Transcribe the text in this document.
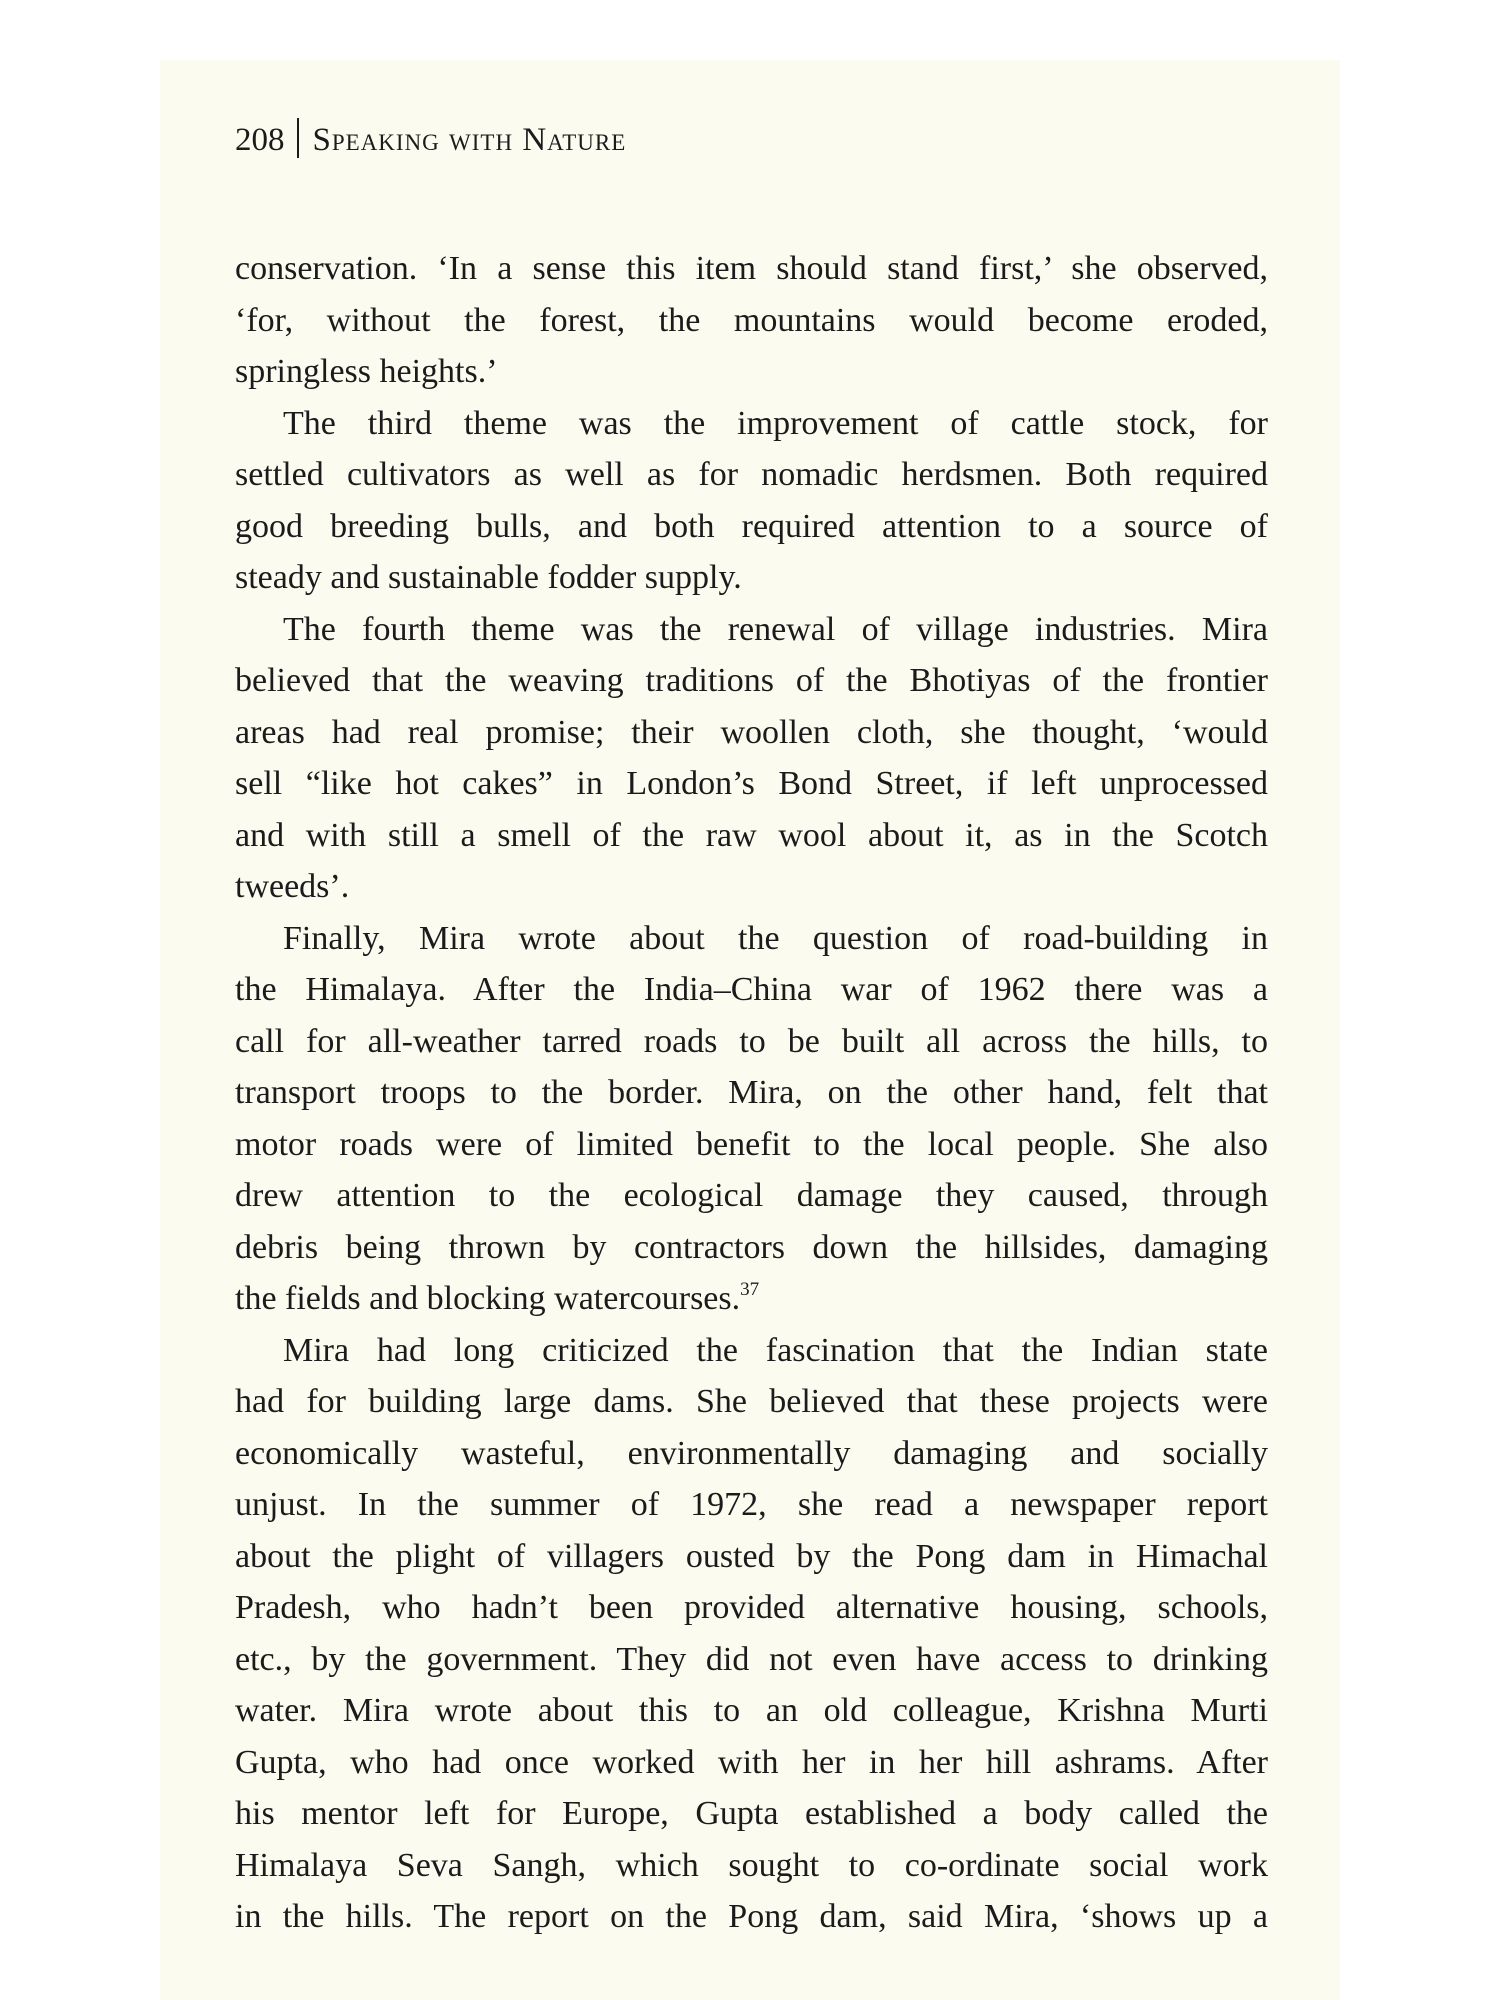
208 Speaking with Nature

conservation. ‘In a sense this item should stand first,’ she observed,
‘for, without the forest, the mountains would become eroded,
springless heights.’

The third theme was the improvement of cattle stock, for
settled cultivators as well as for nomadic herdsmen. Both required
good breeding bulls, and both required attention to a source of
steady and sustainable fodder supply.

The fourth theme was the renewal of village industries. Mira
believed that the weaving traditions of the Bhotiyas of the frontier
areas had real promise; their woollen cloth, she thought, ‘would
sell “like hot cakes” in London’s Bond Street, if left unprocessed
and with still a smell of the raw wool about it, as in the Scotch
tweeds’.

Finally, Mira wrote about the question of road-building in
the Himalaya. After the India–China war of 1962 there was a
call for all-weather tarred roads to be built all across the hills, to
transport troops to the border. Mira, on the other hand, felt that
motor roads were of limited benefit to the local people. She also
drew attention to the ecological damage they caused, through
debris being thrown by contractors down the hillsides, damaging
the fields and blocking watercourses.$^{37}$

Mira had long criticized the fascination that the Indian state
had for building large dams. She believed that these projects were
economically wasteful, environmentally damaging and socially
unjust. In the summer of 1972, she read a newspaper report
about the plight of villagers ousted by the Pong dam in Himachal
Pradesh, who hadn’t been provided alternative housing, schools,
etc., by the government. They did not even have access to drinking
water. Mira wrote about this to an old colleague, Krishna Murti
Gupta, who had once worked with her in her hill ashrams. After
his mentor left for Europe, Gupta established a body called the
Himalaya Seva Sangh, which sought to co-ordinate social work
in the hills. The report on the Pong dam, said Mira, ‘shows up a
